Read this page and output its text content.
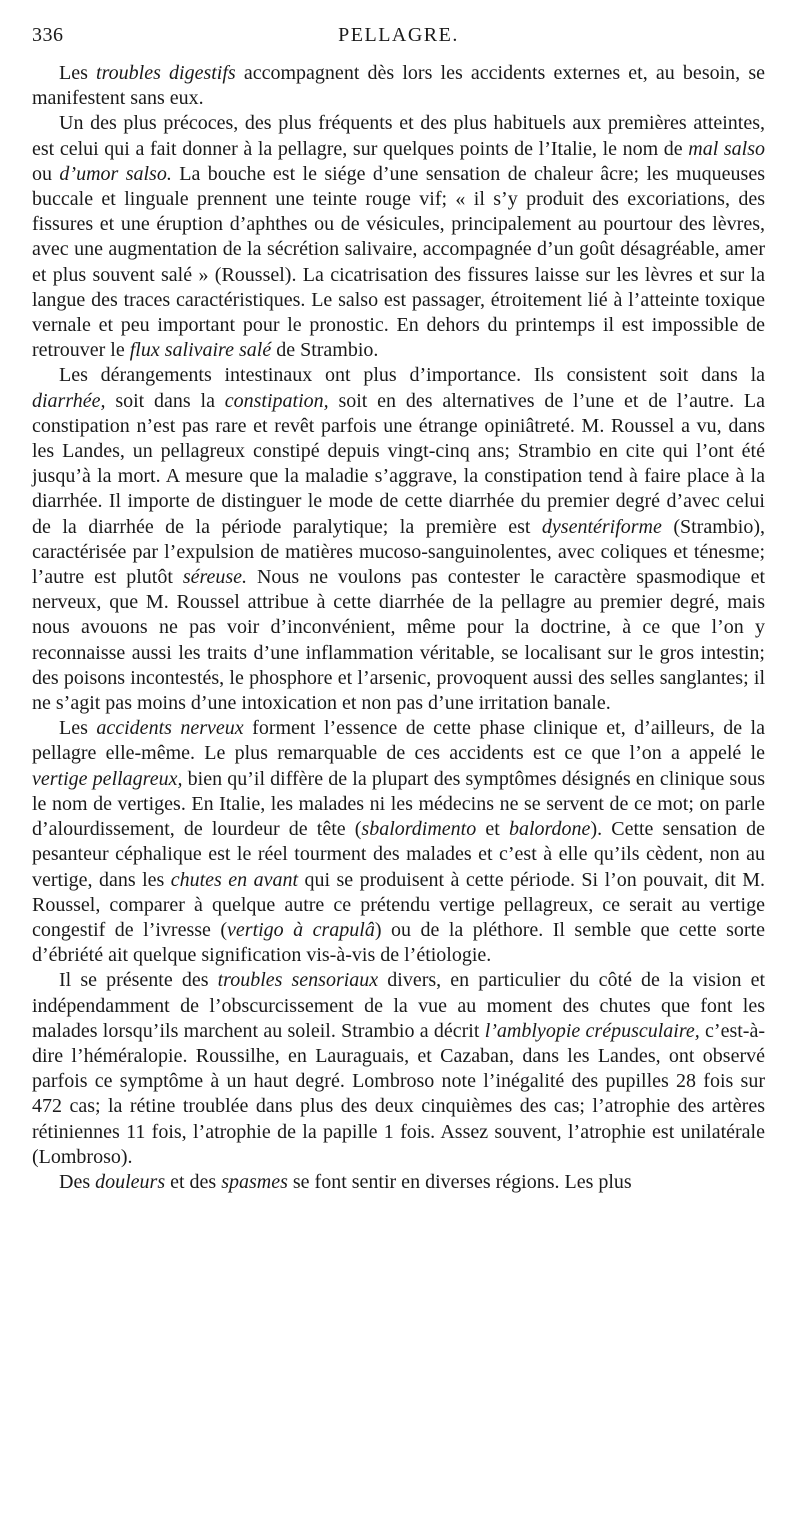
336	PELLAGRE.

Les troubles digestifs accompagnent dès lors les accidents externes et, au besoin, se manifestent sans eux.

Un des plus précoces, des plus fréquents et des plus habituels aux premières atteintes, est celui qui a fait donner à la pellagre, sur quelques points de l’Italie, le nom de mal salso ou d’umor salso. La bouche est le siége d’une sensation de chaleur âcre; les muqueuses buccale et linguale prennent une teinte rouge vif; « il s’y produit des excoriations, des fissures et une éruption d’aphthes ou de vésicules, principalement au pourtour des lèvres, avec une augmentation de la sécrétion salivaire, accompagnée d’un goût désagréable, amer et plus souvent salé » (Roussel). La cicatrisation des fissures laisse sur les lèvres et sur la langue des traces caractéristiques. Le salso est passager, étroitement lié à l’atteinte toxique vernale et peu important pour le pronostic. En dehors du printemps il est impossible de retrouver le flux salivaire salé de Strambio.

Les dérangements intestinaux ont plus d’importance. Ils consistent soit dans la diarrhée, soit dans la constipation, soit en des alternatives de l’une et de l’autre. La constipation n’est pas rare et revêt parfois une étrange opiniâtreté. M. Roussel a vu, dans les Landes, un pellagreux constipé depuis vingt-cinq ans; Strambio en cite qui l’ont été jusqu’à la mort. A mesure que la maladie s’aggrave, la constipation tend à faire place à la diarrhée. Il importe de distinguer le mode de cette diarrhée du premier degré d’avec celui de la diarrhée de la période paralytique; la première est dysentériforme (Strambio), caractérisée par l’expulsion de matières mucoso-sanguinolentes, avec coliques et ténesme; l’autre est plutôt séreuse. Nous ne voulons pas contester le caractère spasmodique et nerveux, que M. Roussel attribue à cette diarrhée de la pellagre au premier degré, mais nous avouons ne pas voir d’inconvénient, même pour la doctrine, à ce que l’on y reconnaisse aussi les traits d’une inflammation véritable, se localisant sur le gros intestin; des poisons incontestés, le phosphore et l’arsenic, provoquent aussi des selles sanglantes; il ne s’agit pas moins d’une intoxication et non pas d’une irritation banale.

Les accidents nerveux forment l’essence de cette phase clinique et, d’ailleurs, de la pellagre elle-même. Le plus remarquable de ces accidents est ce que l’on a appelé le vertige pellagreux, bien qu’il diffère de la plupart des symptômes désignés en clinique sous le nom de vertiges. En Italie, les malades ni les médecins ne se servent de ce mot; on parle d’alourdissement, de lourdeur de tête (sbalordimento et balordone). Cette sensation de pesanteur céphalique est le réel tourment des malades et c’est à elle qu’ils cèdent, non au vertige, dans les chutes en avant qui se produisent à cette période. Si l’on pouvait, dit M. Roussel, comparer à quelque autre ce prétendu vertige pellagreux, ce serait au vertige congestif de l’ivresse (vertigo à crapulâ) ou de la pléthore. Il semble que cette sorte d’ébriété ait quelque signification vis-à-vis de l’étiologie.

Il se présente des troubles sensoriaux divers, en particulier du côté de la vision et indépendamment de l’obscurcissement de la vue au moment des chutes que font les malades lorsqu’ils marchent au soleil. Strambio a décrit l’amblyopie crépusculaire, c’est-à-dire l’héméralopie. Roussilhe, en Lauraguais, et Cazaban, dans les Landes, ont observé parfois ce symptôme à un haut degré. Lombroso note l’inégalité des pupilles 28 fois sur 472 cas; la rétine troublée dans plus des deux cinquièmes des cas; l’atrophie des artères rétiniennes 11 fois, l’atrophie de la papille 1 fois. Assez souvent, l’atrophie est unilatérale (Lombroso).

Des douleurs et des spasmes se font sentir en diverses régions. Les plus
